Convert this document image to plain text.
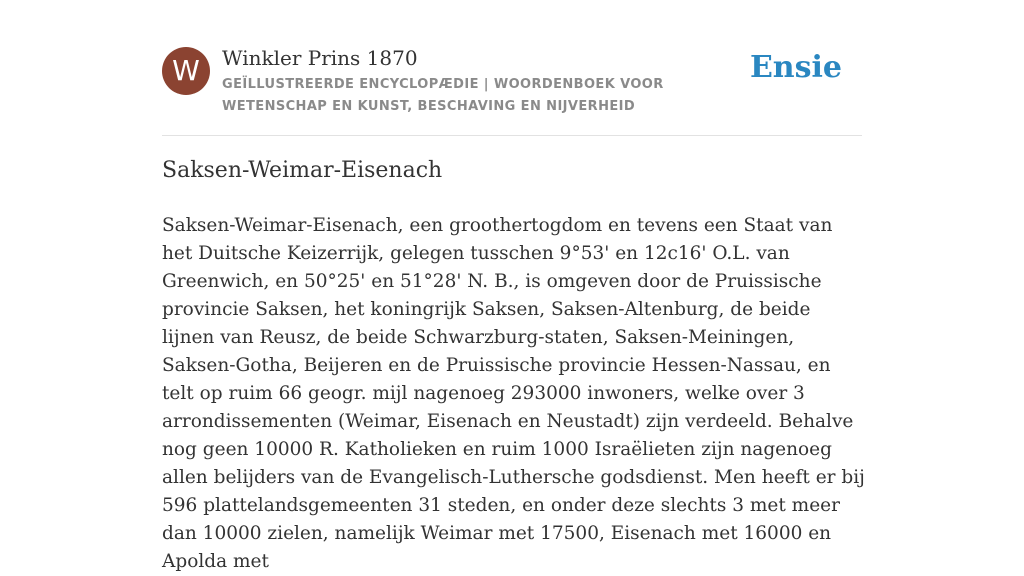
W	Winkler Prins 1870
GEÏLLUSTREERDE ENCYCLOPÆDIE | WOORDENBOEK VOOR WETENSCHAP EN KUNST, BESCHAVING EN NIJVERHEID
Ensie
Saksen-Weimar-Eisenach

Saksen-Weimar-Eisenach, een groothertogdom en tevens een Staat van het Duitsche Keizerrijk, gelegen tusschen 9°53' en 12c16' O.L. van Greenwich, en 50°25' en 51°28' N. B., is omgeven door de Pruissische provincie Saksen, het koningrijk Saksen, Saksen-Altenburg, de beide lijnen van Reusz, de beide Schwarzburg-staten, Saksen-Meiningen, Saksen-Gotha, Beijeren en de Pruissische provincie Hessen-Nassau, en telt op ruim 66 geogr. mijl nagenoeg 293000 inwoners, welke over 3 arrondissementen (Weimar, Eisenach en Neustadt) zijn verdeeld. Behalve nog geen 10000 R. Katholieken en ruim 1000 Israëlieten zijn nagenoeg allen belijders van de Evangelisch-Luthersche godsdienst. Men heeft er bij 596 plattelandsgemeenten 31 steden, en onder deze slechts 3 met meer dan 10000 zielen, namelijk Weimar met 17500, Eisenach met 16000 en Apolda met
